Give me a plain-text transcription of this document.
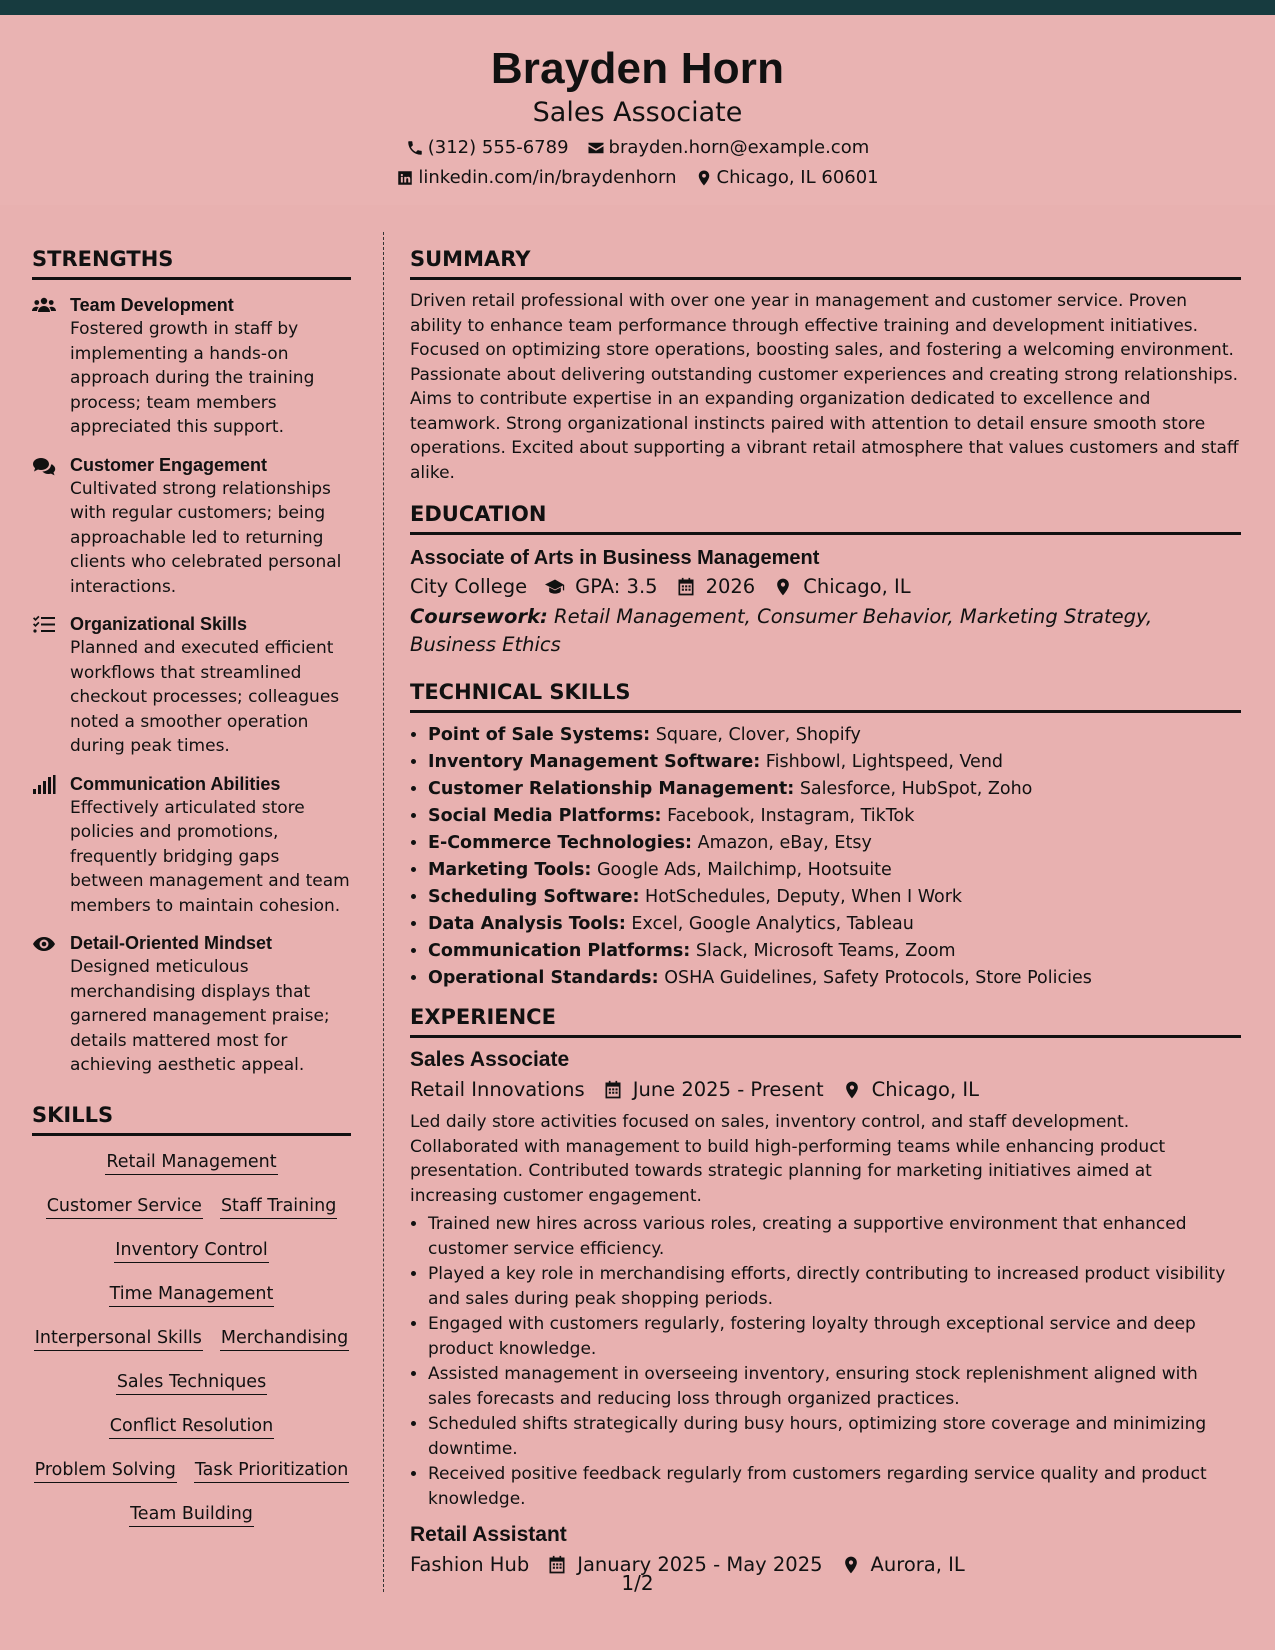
Brayden Horn
Sales Associate
(312) 555-6789 brayden.horn@example.com
linkedin.com/in/braydenhorn Chicago, IL 60601
STRENGTHS
Team Development
Fostered growth in staff by implementing a hands-on approach during the training process; team members appreciated this support.
Customer Engagement
Cultivated strong relationships with regular customers; being approachable led to returning clients who celebrated personal interactions.
Organizational Skills
Planned and executed efficient workflows that streamlined checkout processes; colleagues noted a smoother operation during peak times.
Communication Abilities
Effectively articulated store policies and promotions, frequently bridging gaps between management and team members to maintain cohesion.
Detail-Oriented Mindset
Designed meticulous merchandising displays that garnered management praise; details mattered most for achieving aesthetic appeal.
SKILLS
Retail Management
Customer Service Staff Training
Inventory Control
Time Management
Interpersonal Skills Merchandising
Sales Techniques
Conflict Resolution
Problem Solving Task Prioritization
Team Building
SUMMARY

Driven retail professional with over one year in management and customer service. Proven ability to enhance team performance through effective training and development initiatives. Focused on optimizing store operations, boosting sales, and fostering a welcoming environment. Passionate about delivering outstanding customer experiences and creating strong relationships. Aims to contribute expertise in an expanding organization dedicated to excellence and teamwork. Strong organizational instincts paired with attention to detail ensure smooth store operations. Excited about supporting a vibrant retail atmosphere that values customers and staff alike.

EDUCATION
Associate of Arts in Business Management
City College GPA: 3.5 2026 Chicago, IL
Coursework: Retail Management, Consumer Behavior, Marketing Strategy, Business Ethics
TECHNICAL SKILLS
• Point of Sale Systems: Square, Clover, Shopify
• Inventory Management Software: Fishbowl, Lightspeed, Vend
• Customer Relationship Management: Salesforce, HubSpot, Zoho
• Social Media Platforms: Facebook, Instagram, TikTok
• E-Commerce Technologies: Amazon, eBay, Etsy
• Marketing Tools: Google Ads, Mailchimp, Hootsuite
• Scheduling Software: HotSchedules, Deputy, When I Work
• Data Analysis Tools: Excel, Google Analytics, Tableau
• Communication Platforms: Slack, Microsoft Teams, Zoom
• Operational Standards: OSHA Guidelines, Safety Protocols, Store Policies
EXPERIENCE
Sales Associate
Retail Innovations June 2025 - Present Chicago, IL

Led daily store activities focused on sales, inventory control, and staff development. Collaborated with management to build high-performing teams while enhancing product presentation. Contributed towards strategic planning for marketing initiatives aimed at increasing customer engagement.

• Trained new hires across various roles, creating a supportive environment that enhanced customer service efficiency.
• Played a key role in merchandising efforts, directly contributing to increased product visibility and sales during peak shopping periods.
• Engaged with customers regularly, fostering loyalty through exceptional service and deep product knowledge.
• Assisted management in overseeing inventory, ensuring stock replenishment aligned with sales forecasts and reducing loss through organized practices.
• Scheduled shifts strategically during busy hours, optimizing store coverage and minimizing downtime.
• Received positive feedback regularly from customers regarding service quality and product knowledge.
Retail Assistant
Fashion Hub January 2025 - May 2025 Aurora, IL
1/2
